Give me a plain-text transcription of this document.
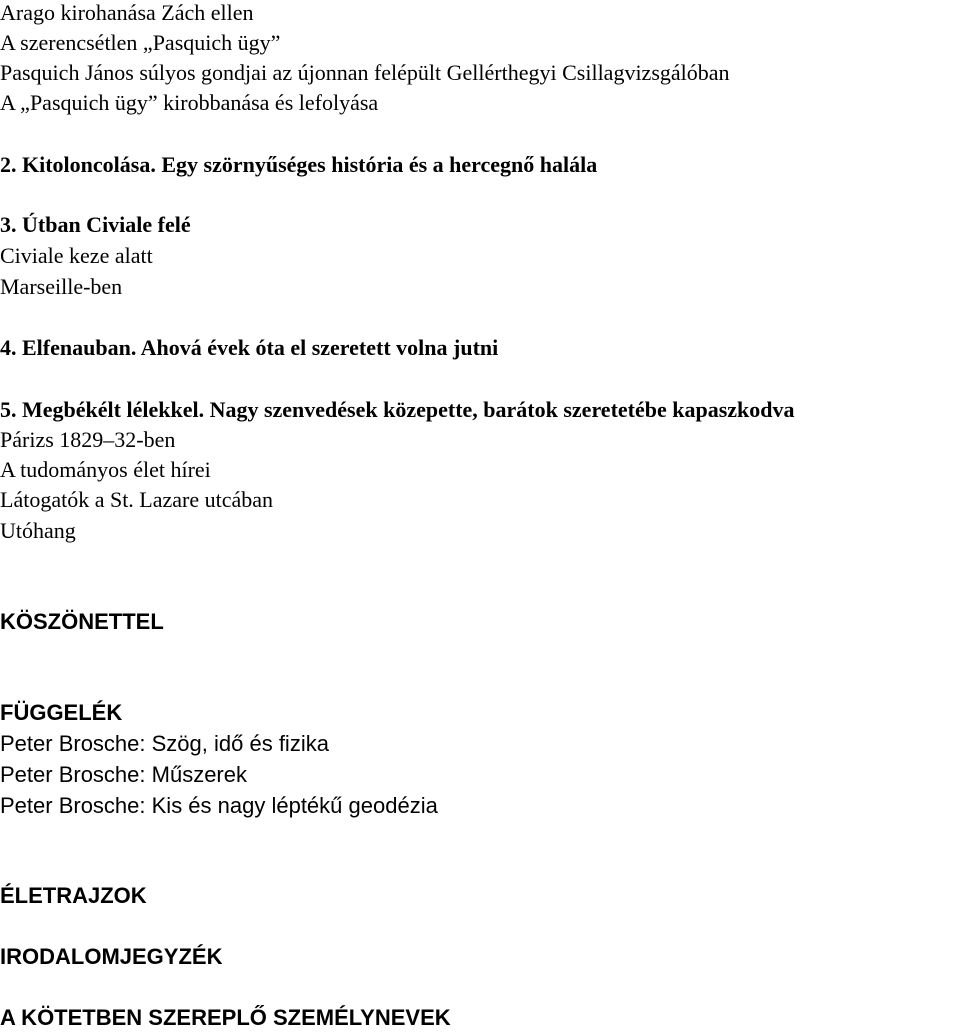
Arago kirohanása Zách ellen
A szerencsétlen „Pasquich ügy”
Pasquich János súlyos gondjai az újonnan felépült Gellérthegyi Csillagvizsgálóban
A „Pasquich ügy” kirobbanása és lefolyása
2. Kitoloncolása. Egy szörnyűséges história és a hercegnő halála
3. Útban Civiale felé
Civiale keze alatt
Marseille-ben
4. Elfenauban. Ahová évek óta el szeretett volna jutni
5. Megbékélt lélekkel. Nagy szenvedések közepette, barátok szeretetébe kapaszkodva
Párizs 1829–32-ben
A tudományos élet hírei
Látogatók a St. Lazare utcában
Utóhang
KÖSZÖNETTEL
FÜGGELÉK
Peter Brosche: Szög, idő és fizika
Peter Brosche: Műszerek
Peter Brosche: Kis és nagy léptékű geodézia
ÉLETRAJZOK
IRODALOMJEGYZÉK
A KÖTETBEN SZEREPLŐ SZEMÉLYNEVEK
